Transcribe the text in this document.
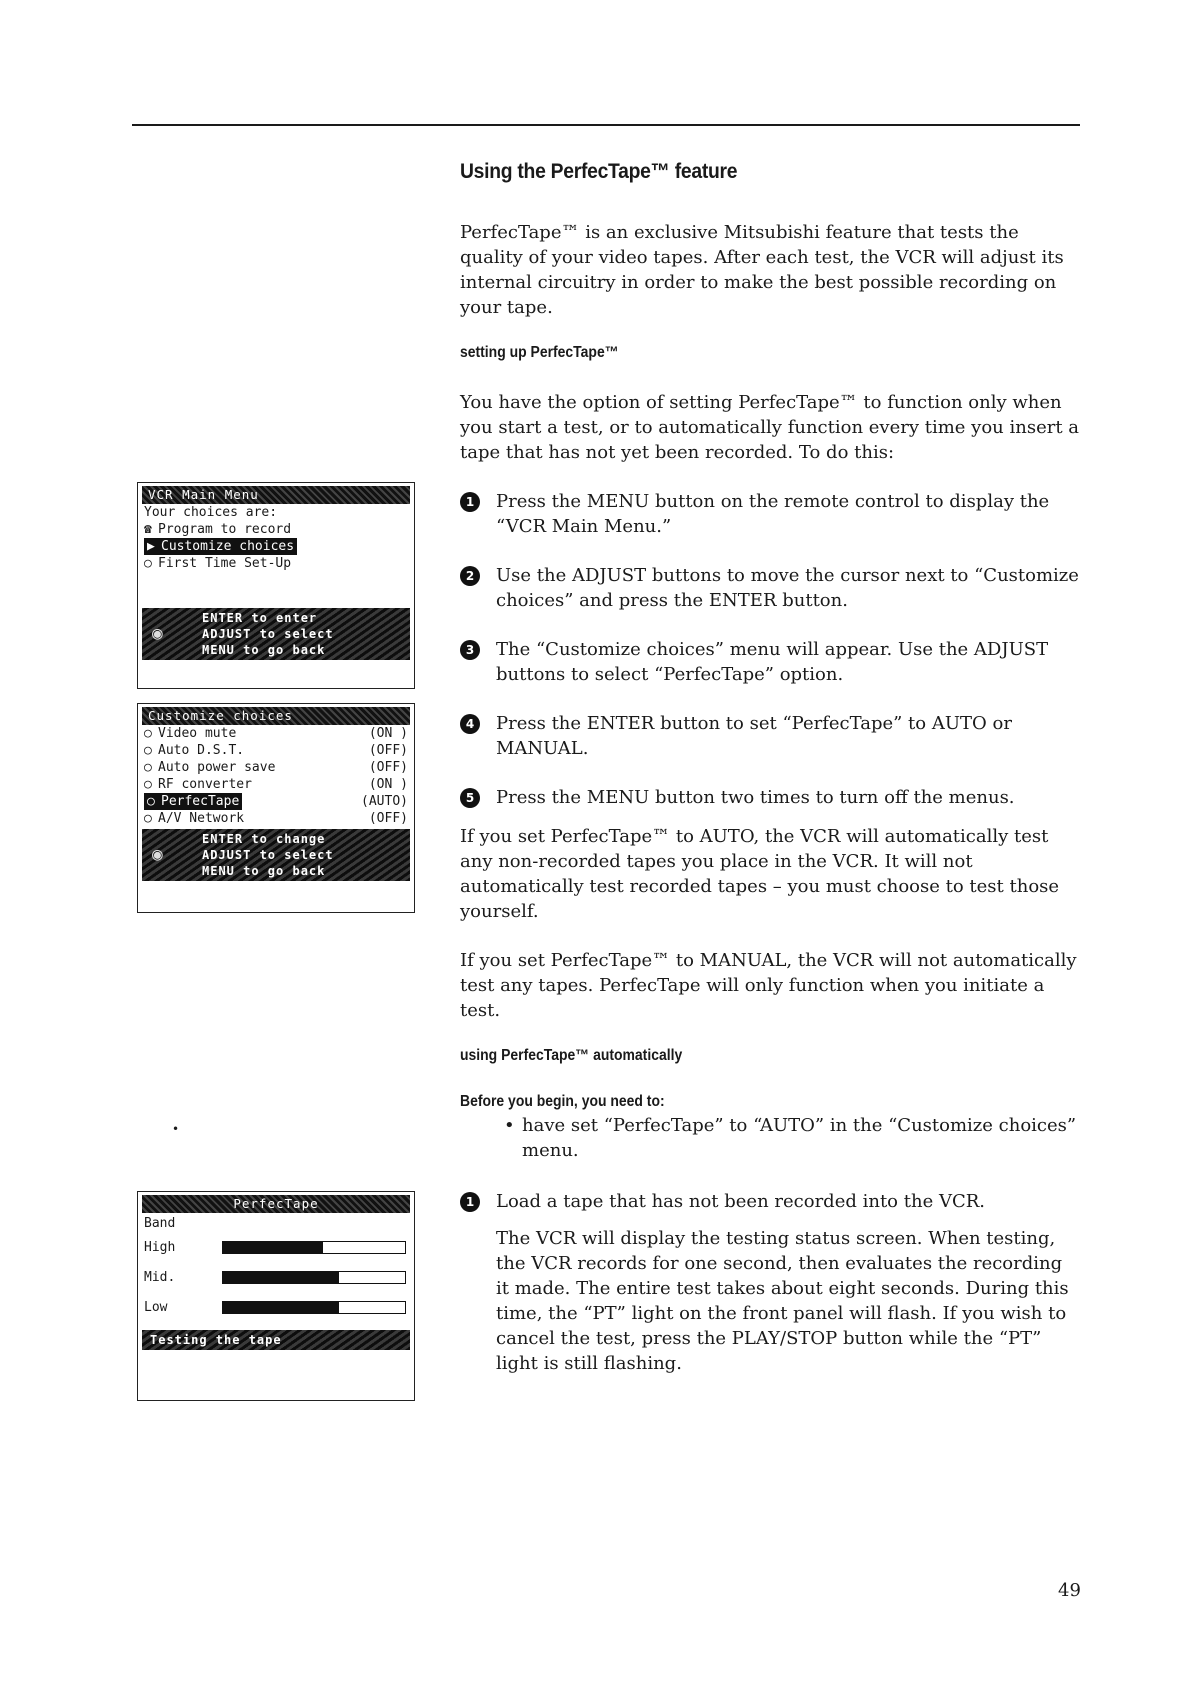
VCR Main Menu
Your choices are:
☎ Program to record
▶ Customize choices
○ First Time Set-Up
◉
ENTER to enter
ADJUST to select
MENU to go back
Customize choices
○ Video mute	(ON )
○ Auto D.S.T.	(OFF)
○ Auto power save	(OFF)
○ RF converter	(ON )
○ PerfecTape	(AUTO)
○ A/V Network	(OFF)
◉
ENTER to change
ADJUST to select
MENU to go back
•
PerfecTape
Band
High
Mid.
Low
Testing the tape
Using the PerfecTape™ feature

PerfecTape™ is an exclusive Mitsubishi feature that tests the quality of your video tapes. After each test, the VCR will adjust its internal circuitry in order to make the best possible recording on your tape.

setting up PerfecTape™

You have the option of setting PerfecTape™ to function only when you start a test, or to automatically function every time you insert a tape that has not yet been recorded. To do this:

1	Press the MENU button on the remote control to display the “VCR Main Menu.”
2	Use the ADJUST buttons to move the cursor next to “Customize choices” and press the ENTER button.
3	The “Customize choices” menu will appear. Use the ADJUST buttons to select “PerfecTape” option.
4	Press the ENTER button to set “PerfecTape” to AUTO or MANUAL.
5	Press the MENU button two times to turn off the menus.

If you set PerfecTape™ to AUTO, the VCR will automatically test any non-recorded tapes you place in the VCR. It will not automatically test recorded tapes – you must choose to test those yourself.

If you set PerfecTape™ to MANUAL, the VCR will not automatically test any tapes. PerfecTape will only function when you initiate a test.

using PerfecTape™ automatically
Before you begin, you need to:
• have set “PerfecTape” to “AUTO” in the “Customize choices” menu.
1	Load a tape that has not been recorded into the VCR.

The VCR will display the testing status screen. When testing, the VCR records for one second, then evaluates the recording it made. The entire test takes about eight seconds. During this time, the “PT” light on the front panel will flash. If you wish to cancel the test, press the PLAY/STOP button while the “PT” light is still flashing.

49
